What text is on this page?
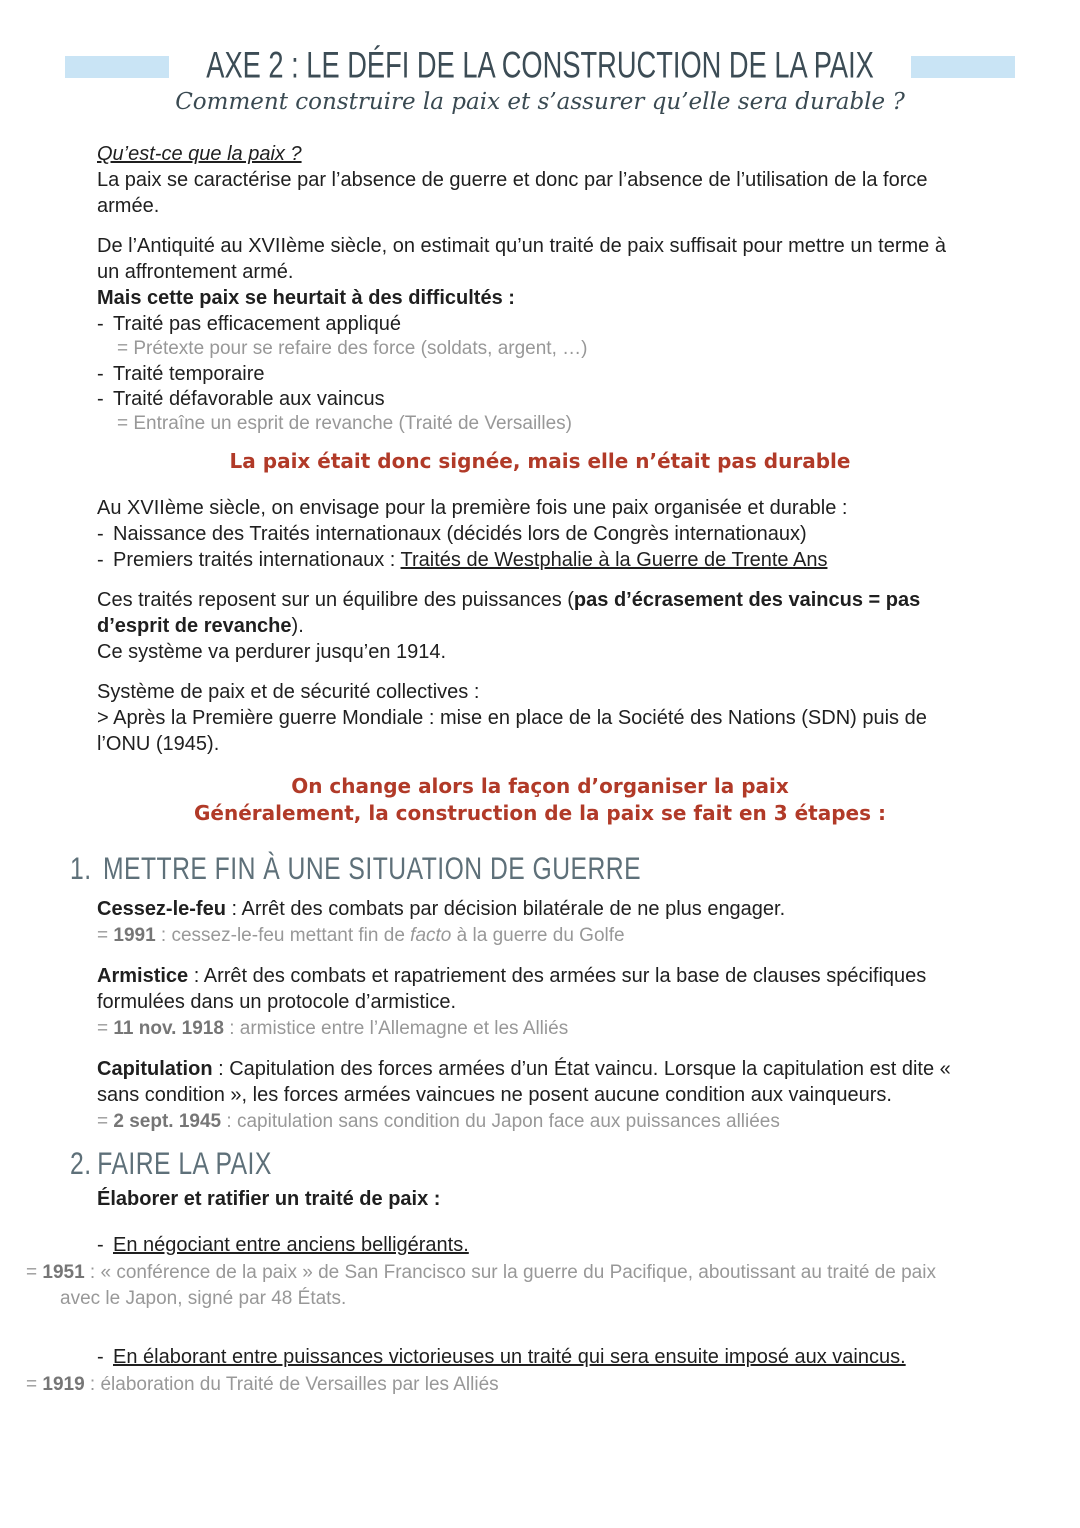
AXE 2 : LE DÉFI DE LA CONSTRUCTION DE LA PAIX
Comment construire la paix et s’assurer qu’elle sera durable ?
Qu’est-ce que la paix ?
La paix se caractérise par l’absence de guerre et donc par l’absence de l’utilisation de la force armée.
De l’Antiquité au XVIIème siècle, on estimait qu’un traité de paix suffisait pour mettre un terme à un affrontement armé.
Mais cette paix se heurtait à des difficultés :
- Traité pas efficacement appliqué
= Prétexte pour se refaire des force (soldats, argent, …)
- Traité temporaire
- Traité défavorable aux vaincus
= Entraîne un esprit de revanche (Traité de Versailles)
La paix était donc signée, mais elle n’était pas durable
Au XVIIème siècle, on envisage pour la première fois une paix organisée et durable :
- Naissance des Traités internationaux (décidés lors de Congrès internationaux)
- Premiers traités internationaux : Traités de Westphalie à la Guerre de Trente Ans
Ces traités reposent sur un équilibre des puissances (pas d’écrasement des vaincus = pas d’esprit de revanche).
Ce système va perdurer jusqu’en 1914.
Système de paix et de sécurité collectives :
> Après la Première guerre Mondiale : mise en place de la Société des Nations (SDN) puis de l’ONU (1945).
On change alors la façon d’organiser la paix
Généralement, la construction de la paix se fait en 3 étapes :
1. METTRE FIN À UNE SITUATION DE GUERRE
Cessez-le-feu : Arrêt des combats par décision bilatérale de ne plus engager.
= 1991 : cessez-le-feu mettant fin de facto à la guerre du Golfe
Armistice : Arrêt des combats et rapatriement des armées sur la base de clauses spécifiques formulées dans un protocole d’armistice.
= 11 nov. 1918 : armistice entre l’Allemagne et les Alliés
Capitulation : Capitulation des forces armées d’un État vaincu. Lorsque la capitulation est dite « sans condition », les forces armées vaincues ne posent aucune condition aux vainqueurs.
= 2 sept. 1945 : capitulation sans condition du Japon face aux puissances alliées
2. FAIRE LA PAIX
Élaborer et ratifier un traité de paix :
- En négociant entre anciens belligérants.
= 1951 : « conférence de la paix » de San Francisco sur la guerre du Pacifique, aboutissant au traité de paix avec le Japon, signé par 48 États.
- En élaborant entre puissances victorieuses un traité qui sera ensuite imposé aux vaincus.
= 1919 : élaboration du Traité de Versailles par les Alliés
